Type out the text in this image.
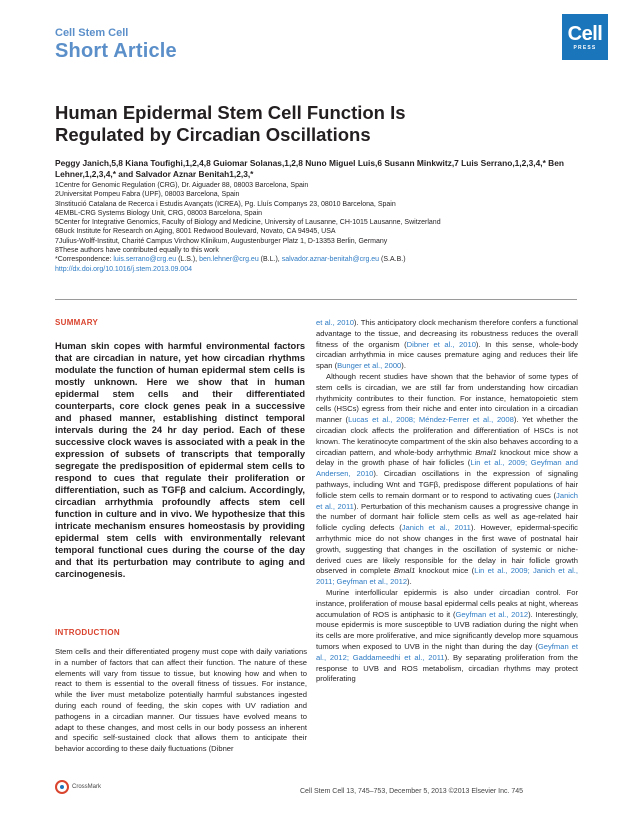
Cell Stem Cell
Short Article
Cell
PRESS
Human Epidermal Stem Cell Function Is Regulated by Circadian Oscillations
Peggy Janich,5,8 Kiana Toufighi,1,2,4,8 Guiomar Solanas,1,2,8 Nuno Miguel Luis,6 Susann Minkwitz,7 Luis Serrano,1,2,3,4,* Ben Lehner,1,2,3,4,* and Salvador Aznar Benitah1,2,3,*
1Centre for Genomic Regulation (CRG), Dr. Aiguader 88, 08003 Barcelona, Spain
2Universitat Pompeu Fabra (UPF), 08003 Barcelona, Spain
3Institució Catalana de Recerca i Estudis Avançats (ICREA), Pg. Lluís Companys 23, 08010 Barcelona, Spain
4EMBL-CRG Systems Biology Unit, CRG, 08003 Barcelona, Spain
5Center for Integrative Genomics, Faculty of Biology and Medicine, University of Lausanne, CH-1015 Lausanne, Switzerland
6Buck Institute for Research on Aging, 8001 Redwood Boulevard, Novato, CA 94945, USA
7Julius-Wolff-Institut, Charité Campus Virchow Klinikum, Augustenburger Platz 1, D-13353 Berlin, Germany
8These authors have contributed equally to this work
*Correspondence: luis.serrano@crg.eu (L.S.), ben.lehner@crg.eu (B.L.), salvador.aznar-benitah@crg.eu (S.A.B.)
http://dx.doi.org/10.1016/j.stem.2013.09.004
SUMMARY
Human skin copes with harmful environmental factors that are circadian in nature, yet how circadian rhythms modulate the function of human epidermal stem cells is mostly unknown. Here we show that in human epidermal stem cells and their differentiated counterparts, core clock genes peak in a successive and phased manner, establishing distinct temporal intervals during the 24 hr day period. Each of these successive clock waves is associated with a peak in the expression of subsets of transcripts that temporally segregate the predisposition of epidermal stem cells to respond to cues that regulate their proliferation or differentiation, such as TGFβ and calcium. Accordingly, circadian arrhythmia profoundly affects stem cell function in culture and in vivo. We hypothesize that this intricate mechanism ensures homeostasis by providing epidermal stem cells with environmentally relevant temporal functional cues during the course of the day and that its perturbation may contribute to aging and carcinogenesis.
INTRODUCTION
Stem cells and their differentiated progeny must cope with daily variations in a number of factors that can affect their function. The nature of these elements will vary from tissue to tissue, but knowing how and when to react to them is essential to the overall fitness of tissues. For instance, while the liver must metabolize potentially harmful substances ingested during each round of feeding, the skin copes with UV radiation and pathogens in a circadian manner. Our tissues have evolved means to adapt to these changes, and most cells in our body possess an inherent and specific self-sustained clock that allows them to anticipate their behavior according to these daily fluctuations (Dibner

et al., 2010). This anticipatory clock mechanism therefore confers a functional advantage to the tissue, and decreasing its robustness reduces the overall fitness of the organism (Dibner et al., 2010). In this sense, whole-body circadian arrhythmia in mice causes premature aging and reduces their life span (Bunger et al., 2000).

Although recent studies have shown that the behavior of some types of stem cells is circadian, we are still far from understanding how circadian rhythmicity contributes to their function. For instance, hematopoietic stem cells (HSCs) egress from their niche and enter into circulation in a circadian manner (Lucas et al., 2008; Méndez-Ferrer et al., 2008). Yet whether the circadian clock affects the proliferation and differentiation of HSCs is not known. The keratinocyte compartment of the skin also behaves according to a circadian pattern, and whole-body arrhythmic Bmal1 knockout mice show a delay in the growth phase of hair follicles (Lin et al., 2009; Geyfman and Andersen, 2010). Circadian oscillations in the expression of signaling pathways, including Wnt and TGFβ, predispose different populations of hair follicle stem cells to remain dormant or to respond to activating cues (Janich et al., 2011). Perturbation of this mechanism causes a progressive change in the number of dormant hair follicle stem cells as well as age-related hair follicle cycling defects (Janich et al., 2011). However, epidermal-specific arrhythmic mice do not show changes in the first wave of postnatal hair growth, suggesting that changes in the oscillation of systemic or niche-derived cues are likely responsible for the delay in hair follicle growth observed in complete Bmal1 knockout mice (Lin et al., 2009; Janich et al., 2011; Geyfman et al., 2012).

Murine interfollicular epidermis is also under circadian control. For instance, proliferation of mouse basal epidermal cells peaks at night, whereas accumulation of ROS is antiphasic to it (Geyfman et al., 2012). Interestingly, mouse epidermis is more susceptible to UVB radiation during the night when its cells are more proliferative, and mice significantly develop more squamous tumors when exposed to UVB in the night than during the day (Geyfman et al., 2012; Gaddameedhi et al., 2011). By separating proliferation from the response to UVB and ROS metabolism, circadian rhythms may protect proliferating

CrossMark
Cell Stem Cell 13, 745–753, December 5, 2013 ©2013 Elsevier Inc. 745
